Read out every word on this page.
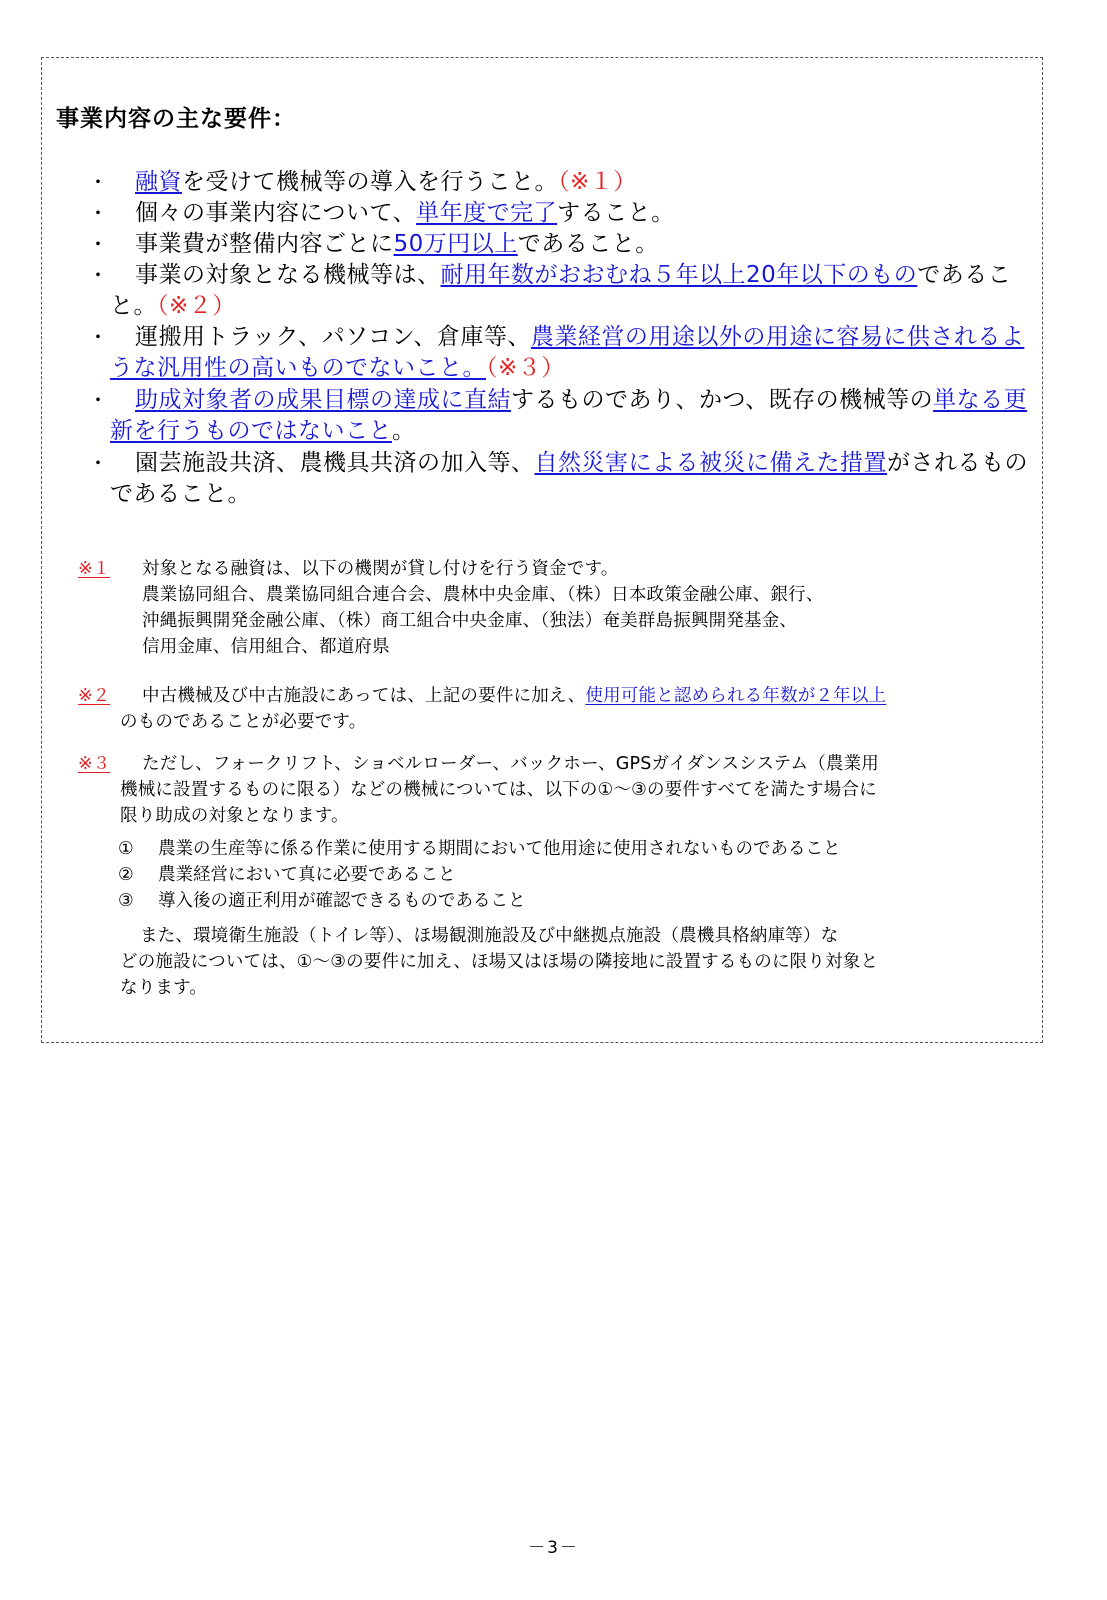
事業内容の主な要件：
・	融資を受けて機械等の導入を行うこと。（※１）
・	個々の事業内容について、単年度で完了すること。
・	事業費が整備内容ごとに50万円以上であること。
・	事業の対象となる機械等は、耐用年数がおおむね５年以上20年以下のものであること。（※２）
・	運搬用トラック、パソコン、倉庫等、農業経営の用途以外の用途に容易に供されるような汎用性の高いものでないこと。（※３）
・	助成対象者の成果目標の達成に直結するものであり、かつ、既存の機械等の単なる更新を行うものではないこと。
・	園芸施設共済、農機具共済の加入等、自然災害による被災に備えた措置がされるものであること。
※１ 対象となる融資は、以下の機関が貸し付けを行う資金です。
農業協同組合、農業協同組合連合会、農林中央金庫、（株）日本政策金融公庫、銀行、
沖縄振興開発金融公庫、（株）商工組合中央金庫、（独法）奄美群島振興開発基金、
信用金庫、信用組合、都道府県
※２ 中古機械及び中古施設にあっては、上記の要件に加え、使用可能と認められる年数が２年以上
のものであることが必要です。
※３ ただし、フォークリフト、ショベルローダー、バックホー、GPSガイダンスシステム（農業用
機械に設置するものに限る）などの機械については、以下の①～③の要件すべてを満たす場合に
限り助成の対象となります。
① 農業の生産等に係る作業に使用する期間において他用途に使用されないものであること
② 農業経営において真に必要であること
③ 導入後の適正利用が確認できるものであること
また、環境衛生施設（トイレ等）、ほ場観測施設及び中継拠点施設（農機具格納庫等）な
どの施設については、①～③の要件に加え、ほ場又はほ場の隣接地に設置するものに限り対象と
なります。
－3－
